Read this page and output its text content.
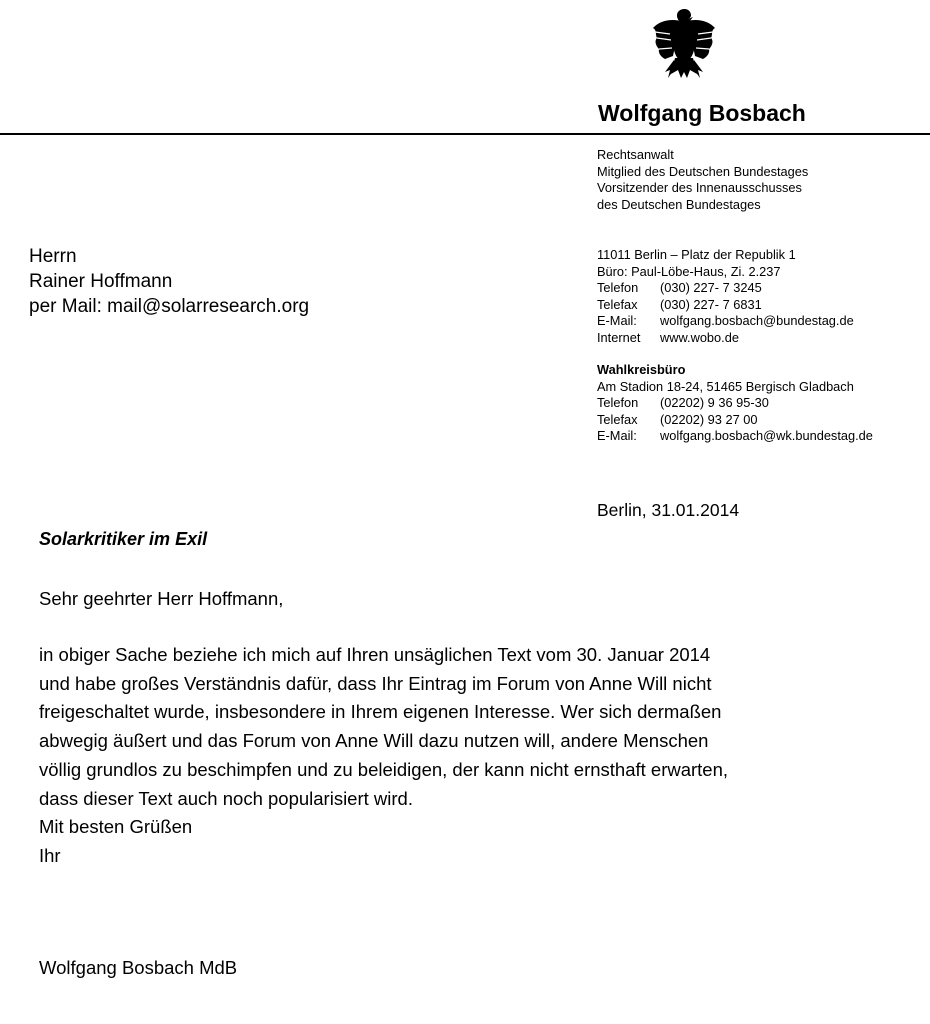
Wolfgang Bosbach
Rechtsanwalt
Mitglied des Deutschen Bundestages
Vorsitzender des Innenausschusses
des Deutschen Bundestages
11011 Berlin – Platz der Republik 1
Büro: Paul-Löbe-Haus, Zi. 2.237
Telefon (030) 227- 7 3245
Telefax (030) 227- 7 6831
E-Mail: wolfgang.bosbach@bundestag.de
Internet www.wobo.de
Wahlkreisbüro
Am Stadion 18-24, 51465 Bergisch Gladbach
Telefon (02202) 9 36 95-30
Telefax (02202) 93 27 00
E-Mail: wolfgang.bosbach@wk.bundestag.de
Herrn
Rainer Hoffmann
per Mail: mail@solarresearch.org
Berlin, 31.01.2014
Solarkritiker im Exil
Sehr geehrter Herr Hoffmann,
in obiger Sache beziehe ich mich auf Ihren unsäglichen Text vom 30. Januar 2014
und habe großes Verständnis dafür, dass Ihr Eintrag im Forum von Anne Will nicht
freigeschaltet wurde, insbesondere in Ihrem eigenen Interesse. Wer sich dermaßen
abwegig äußert und das Forum von Anne Will dazu nutzen will, andere Menschen
völlig grundlos zu beschimpfen und zu beleidigen, der kann nicht ernsthaft erwarten,
dass dieser Text auch noch popularisiert wird.
Mit besten Grüßen
Ihr
Wolfgang Bosbach MdB
